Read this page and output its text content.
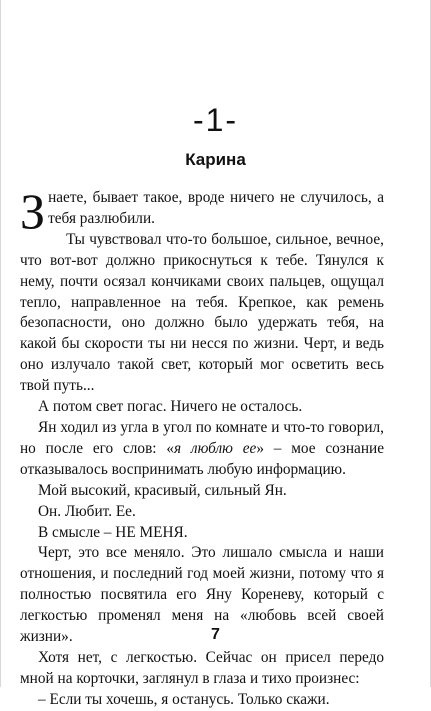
-1-
Карина

Знаете, бывает такое, вроде ничего не случилось, а тебя разлюбили.

Ты чувствовал что-то большое, сильное, вечное, что вот-вот должно прикоснуться к тебе. Тянулся к нему, почти осязал кончиками своих пальцев, ощущал тепло, направленное на тебя. Крепкое, как ремень безопасности, оно должно было удержать тебя, на какой бы скорости ты ни несся по жизни. Черт, и ведь оно излучало такой свет, который мог осветить весь твой путь...

А потом свет погас. Ничего не осталось.

Ян ходил из угла в угол по комнате и что-то говорил, но после его слов: «я люблю ее» – мое сознание отказывалось воспринимать любую информацию.

Мой высокий, красивый, сильный Ян.

Он. Любит. Ее.

В смысле – НЕ МЕНЯ.

Черт, это все меняло. Это лишало смысла и наши отношения, и последний год моей жизни, потому что я полностью посвятила его Яну Кореневу, который с легкостью променял меня на «любовь всей своей жизни».

Хотя нет, с легкостью. Сейчас он присел передо мной на корточки, заглянул в глаза и тихо произнес:

– Если ты хочешь, я останусь. Только скажи.

7
